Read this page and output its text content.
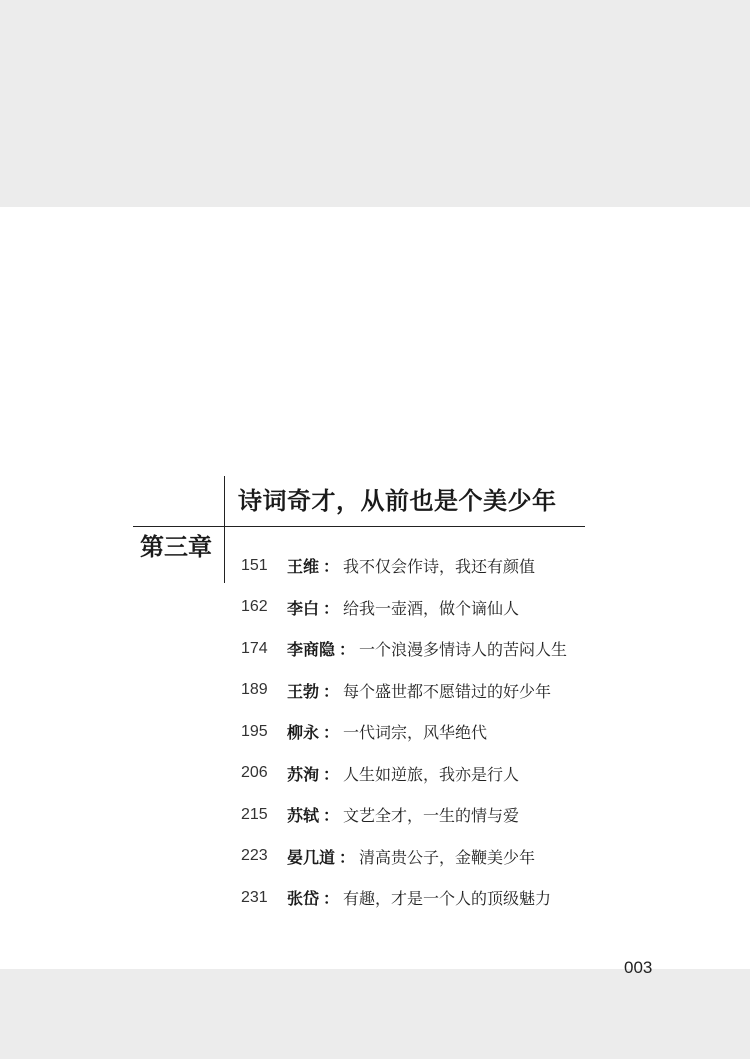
诗词奇才，从前也是个美少年
第三章
151	王维 ： 我不仅会作诗，我还有颜值
162	李白 ： 给我一壶酒，做个谪仙人
174	李商隐 ： 一个浪漫多情诗人的苦闷人生
189	王勃 ： 每个盛世都不愿错过的好少年
195	柳永 ： 一代词宗，风华绝代
206	苏洵 ： 人生如逆旅，我亦是行人
215	苏轼 ： 文艺全才，一生的情与爱
223	晏几道 ： 清高贵公子，金鞭美少年
231	张岱 ： 有趣，才是一个人的顶级魅力
003
